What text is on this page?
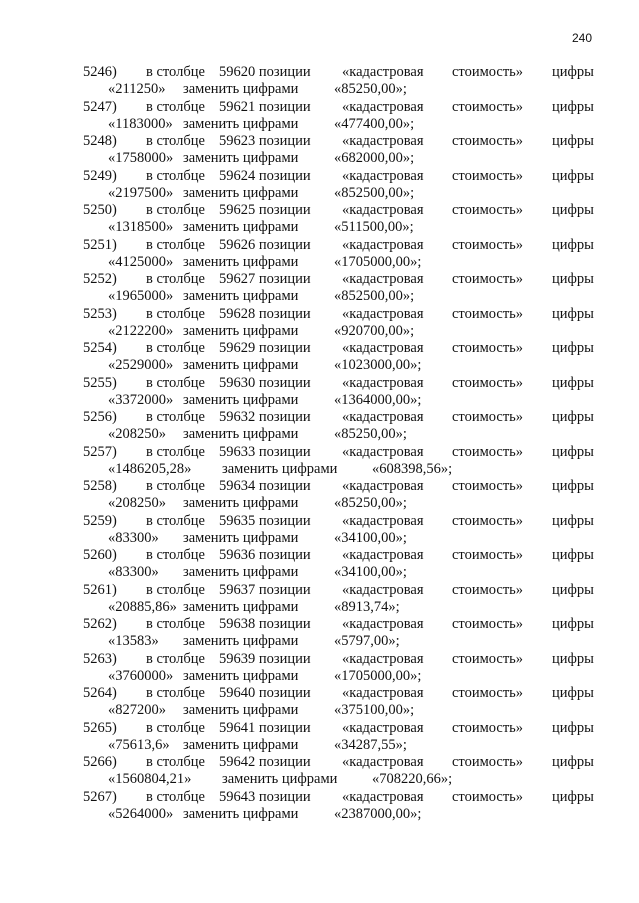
240
5246) в столбце 59620 позиции «кадастровая стоимость» цифры
«211250» заменить цифрами «85250,00»;
5247) в столбце 59621 позиции «кадастровая стоимость» цифры
«1183000» заменить цифрами «477400,00»;
5248) в столбце 59623 позиции «кадастровая стоимость» цифры
«1758000» заменить цифрами «682000,00»;
5249) в столбце 59624 позиции «кадастровая стоимость» цифры
«2197500» заменить цифрами «852500,00»;
5250) в столбце 59625 позиции «кадастровая стоимость» цифры
«1318500» заменить цифрами «511500,00»;
5251) в столбце 59626 позиции «кадастровая стоимость» цифры
«4125000» заменить цифрами «1705000,00»;
5252) в столбце 59627 позиции «кадастровая стоимость» цифры
«1965000» заменить цифрами «852500,00»;
5253) в столбце 59628 позиции «кадастровая стоимость» цифры
«2122200» заменить цифрами «920700,00»;
5254) в столбце 59629 позиции «кадастровая стоимость» цифры
«2529000» заменить цифрами «1023000,00»;
5255) в столбце 59630 позиции «кадастровая стоимость» цифры
«3372000» заменить цифрами «1364000,00»;
5256) в столбце 59632 позиции «кадастровая стоимость» цифры
«208250» заменить цифрами «85250,00»;
5257) в столбце 59633 позиции «кадастровая стоимость» цифры
«1486205,28» заменить цифрами «608398,56»;
5258) в столбце 59634 позиции «кадастровая стоимость» цифры
«208250» заменить цифрами «85250,00»;
5259) в столбце 59635 позиции «кадастровая стоимость» цифры
«83300» заменить цифрами «34100,00»;
5260) в столбце 59636 позиции «кадастровая стоимость» цифры
«83300» заменить цифрами «34100,00»;
5261) в столбце 59637 позиции «кадастровая стоимость» цифры
«20885,86» заменить цифрами «8913,74»;
5262) в столбце 59638 позиции «кадастровая стоимость» цифры
«13583» заменить цифрами «5797,00»;
5263) в столбце 59639 позиции «кадастровая стоимость» цифры
«3760000» заменить цифрами «1705000,00»;
5264) в столбце 59640 позиции «кадастровая стоимость» цифры
«827200» заменить цифрами «375100,00»;
5265) в столбце 59641 позиции «кадастровая стоимость» цифры
«75613,6» заменить цифрами «34287,55»;
5266) в столбце 59642 позиции «кадастровая стоимость» цифры
«1560804,21» заменить цифрами «708220,66»;
5267) в столбце 59643 позиции «кадастровая стоимость» цифры
«5264000» заменить цифрами «2387000,00»;
